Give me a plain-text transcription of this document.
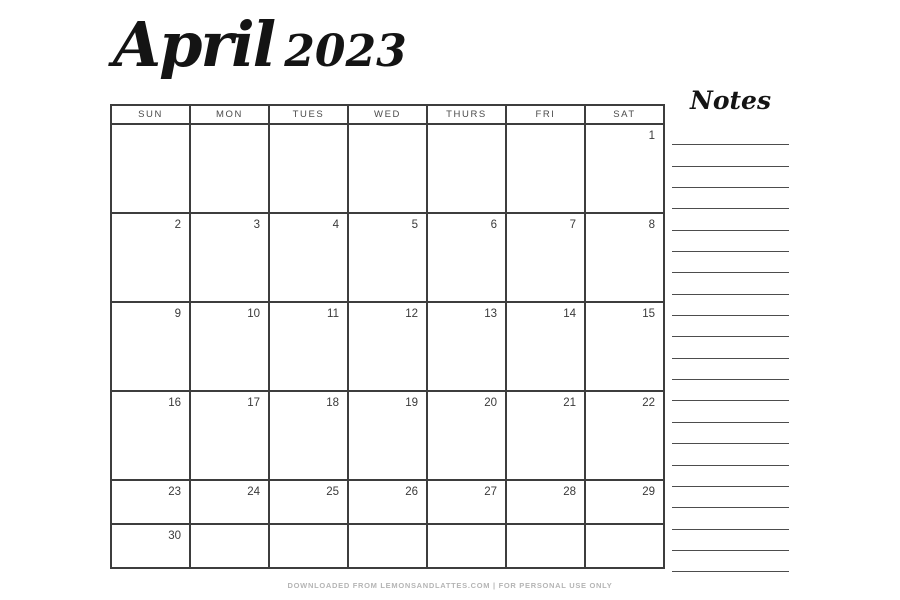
April 2023
SUN	MON	TUES	WED	THURS	FRI	SAT
						1
2	3	4	5	6	7	8
9	10	11	12	13	14	15
16	17	18	19	20	21	22
23	24	25	26	27	28	29
30						
Notes
DOWNLOADED FROM LEMONSANDLATTES.COM | FOR PERSONAL USE ONLY
